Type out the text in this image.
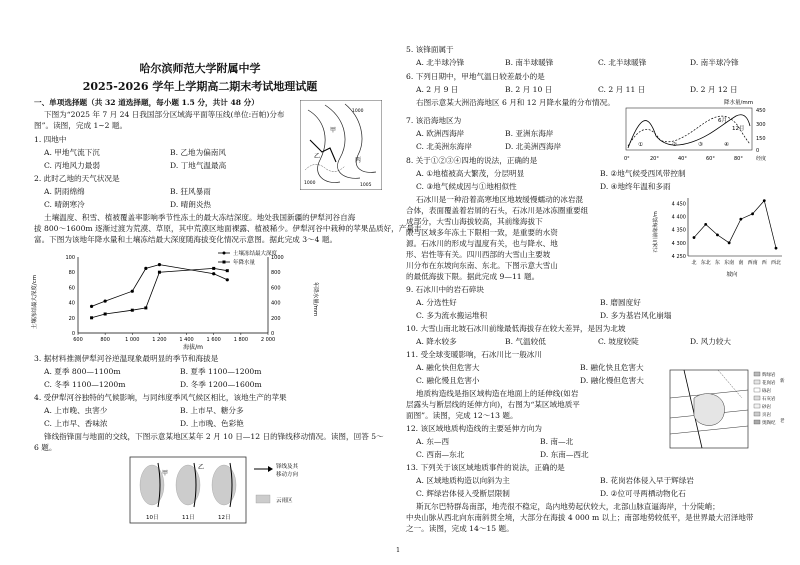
哈尔滨师范大学附属中学
2025-2026 学年上学期高二期末考试地理试题
一、单项选择题（共 32 道选择题，每小题 1.5 分，共计 48 分）
下图为“2025 年 7 月 24 日我国部分区域海平面等压线(单位:百帕)分布
图”。读图，完成 1~2 题。
甲
乙
丙
1000
1000	1005
1. 四地中
A. 甲地气流下沉	B. 乙地为偏南风
C. 丙地风力最弱	D. 丁地气温最高
2. 此时乙地的天气状况是
A. 阴雨绵绵	B. 狂风暴雨
C. 晴朗寒冷	D. 晴朗炎热
土壤温度、积雪、植被覆盖率影响季节性冻土的最大冻结深度。地处我国新疆的伊犁河谷自海
拔 800～1600m 逐渐过渡为荒漠、草原，其中荒漠区地面裸露、植被稀少。伊犁河谷中栽种的苹果品质好，产量丰
富。下图为该地年降水量和土壤冻结最大深度随海拔变化情况示意图。据此完成 3～4 题。
600	800	1 000	1 200	1 400	1 600	1 800	2 000
0
20
40
60
80
100
0
200
400
600
800
1000
海拔/m
土壤冻结最大深度/cm	年降水量/mm
土壤冻结最大深度
年降水量
3. 据材料推测伊犁河谷逆温现象最明显的季节和海拔是
A. 夏季 800—1100m	B. 夏季 1100—1200m
C. 冬季 1100—1200m	D. 冬季 1200—1600m
4. 受伊犁河谷独特的气候影响，与同纬度季风气候区相比，该地生产的苹果
A. 上市晚、虫害少	B. 上市早、糖分多
C. 上市早、香味浓	D. 上市晚、色彩艳
锋线指锋面与地面的交线，下图示意某地区某年 2 月 10 日—12 日的锋线移动情况。读图，回答 5～
6 题。
甲
乙
10日	11日	12日
锋线及其
移动方向
云雨区
1
5. 该锋面属于
A. 北半球冷锋	B. 南半球暖锋	C. 北半球暖锋	D. 南半球冷锋
6. 下列日期中，甲地气温日较差最小的是
A. 2 月 9 日	B. 2 月 10 日	C. 2 月 11 日	D. 2 月 12 日
右图示意某大洲沿海地区 6 月和 12 月降水量的分布情况。	降水量/mm
450
300
150
0
6月
12月
①	②	③	④
0°	20°	40°	60°	80°	经度
7. 该沿海地区为
A. 欧洲西海岸	B. 亚洲东海岸
C. 北美洲东海岸	D. 北美洲西海岸
8. 关于①②③④四地的说法，正确的是
A. ①地植被高大繁茂，分层明显	B. ②地气候受西风带控制
C. ③地气候成因与①地相似性	D. ④地终年温和多雨
石冰川是一种沿着高寒地区地坡缓慢蠕动的冰岩混
合体，表面覆盖着岩屑的石头，石冰川是冰冻圈重要组
成部分，大雪山海拔较高，其前缘海拔下
限与区域多年冻土下限相一致，是重要的水资
源。石冰川的形成与温度有关，也与降水、地
形、岩性等有关。四川西部的大雪山主要坡
川分布在东坡向东南、东北。下图示意大雪山
的最低海拔下限。据此完成 9—11 题。
4 450
4 400
4 350
4 300
4 250
北 东北 东 东南 南 西南 西 西北
石冰川前缘海拔/m
坡向
9. 石冰川中的岩石碎块
A. 分选性好	B. 磨圆度好
C. 多为流水搬运堆积	D. 多为基岩风化崩塌
10. 大雪山南北坡石冰川前缘最低海拔存在较大差异，是因为北坡
A. 降水较多	B. 气温较低	C. 坡度较陡	D. 风力较大
11. 受全球变暖影响，石冰川比一般冰川
A. 融化快但危害大	B. 融化快且危害大
C. 融化慢且危害小	D. 融化慢但危害大
地质构造线是指区域构造在地面上的延伸线(如岩
层露头与断层线的延伸方向)，右图为“某区域地质平
面图”。读图，完成 12～13 题。
辉绿岩
花岗岩
砾岩
石灰岩
砂岩
页岩
奥陶纪
新
老
12. 该区域地质构造线的主要延伸方向为
A. 东—西	B. 南—北
C. 西南—东北	D. 东南—西北
13. 下列关于该区域地质事件的说法，正确的是
A. 区域地质构造以向斜为主	B. 花岗岩体侵入早于辉绿岩
C. 辉绿岩体侵入受断层限制	D. ②位可寻两栖动物化石
斯瓦尔巴特群岛南部，地壳很不稳定，岛内地势起伏较大，北部山脉直逼海岸，十分陡峭；
中央山脉从西北向东南斜贯全境，大部分在海拔 4 000 m 以上；南部地势较低平，是世界最大沼泽地带
之一。读图，完成 14～15 题。
